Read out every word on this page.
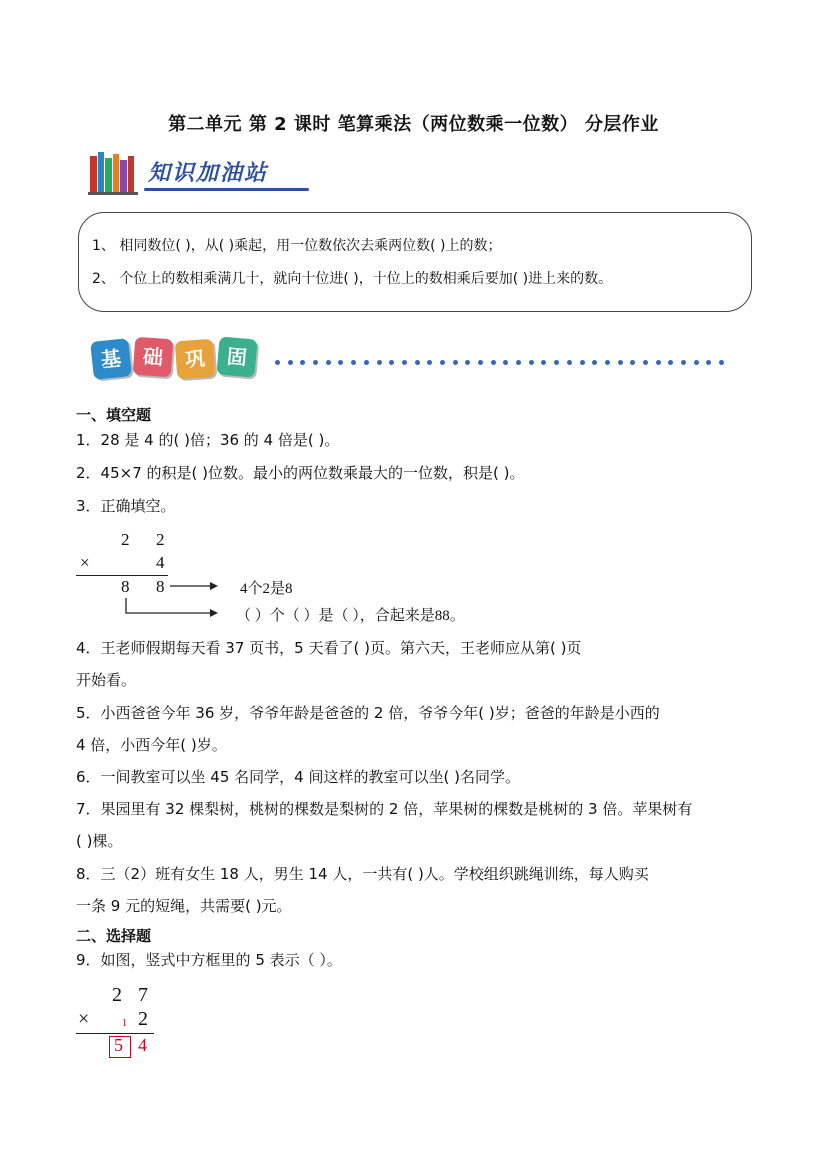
第二单元 第 2 课时 笔算乘法（两位数乘一位数） 分层作业
知识加油站
1、 相同数位( )，从( )乘起，用一位数依次去乘两位数( )上的数；
2、 个位上的数相乘满几十，就向十位进( )，十位上的数相乘后要加( )进上来的数。
基 础	巩	固
一、填空题
1．28 是 4 的( )倍；36 的 4 倍是( )。
2．45×7 的积是( )位数。最小的两位数乘最大的一位数，积是( )。
3．正确填空。
2 2
×	4
8 8	4个2是8
（ ）个（ ）是（ ），合起来是88。
4．王老师假期每天看 37 页书，5 天看了( )页。第六天，王老师应从第( )页
开始看。
5．小西爸爸今年 36 岁，爷爷年龄是爸爸的 2 倍，爷爷今年( )岁；爸爸的年龄是小西的
4 倍，小西今年( )岁。
6．一间教室可以坐 45 名同学，4 间这样的教室可以坐( )名同学。
7．果园里有 32 棵梨树，桃树的棵数是梨树的 2 倍，苹果树的棵数是桃树的 3 倍。苹果树有
( )棵。
8．三（2）班有女生 18 人，男生 14 人，一共有( )人。学校组织跳绳训练，每人购买
一条 9 元的短绳，共需要( )元。
二、选择题
9．如图，竖式中方框里的 5 表示（ ）。
2 7
×	1 2
5 4
